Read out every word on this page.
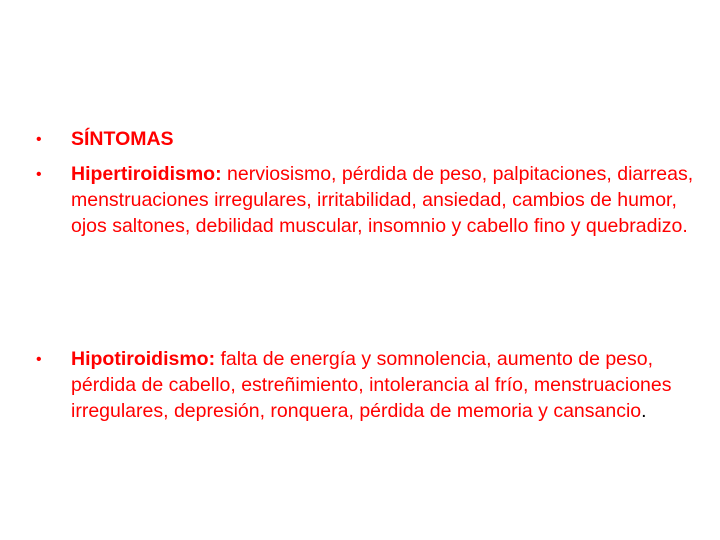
• SÍNTOMAS
• Hipertiroidismo: nerviosismo, pérdida de peso, palpitaciones, diarreas, menstruaciones irregulares, irritabilidad, ansiedad, cambios de humor, ojos saltones, debilidad muscular, insomnio y cabello fino y quebradizo.
• Hipotiroidismo: falta de energía y somnolencia, aumento de peso, pérdida de cabello, estreñimiento, intolerancia al frío, menstruaciones irregulares, depresión, ronquera, pérdida de memoria y cansancio.
